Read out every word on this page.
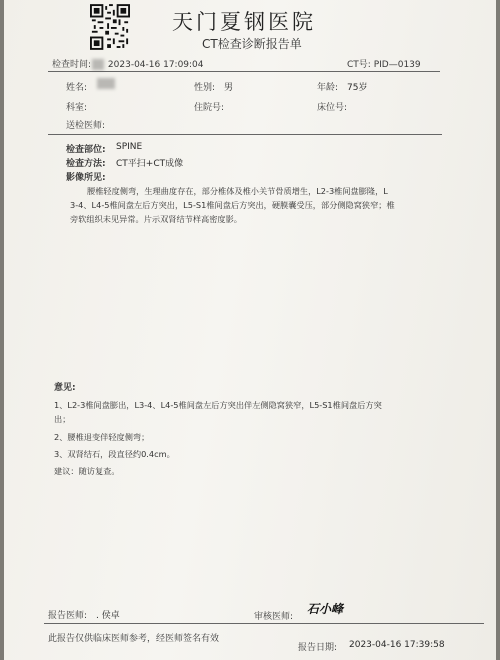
天门夏钢医院
CT检查诊断报告单
检查时间: 2023-04-16 17:09:04	CT号: PID—0139
姓名:	性别: 男	年龄: 75岁
科室:	住院号:	床位号:
送检医师:
检查部位: SPINE
检查方法: CT平扫+CT成像
影像所见:
腰椎轻度侧弯，生理曲度存在，部分椎体及椎小关节骨质增生，L2-3椎间盘膨隆，L
3-4、L4-5椎间盘左后方突出，L5-S1椎间盘后方突出，硬膜囊受压，部分侧隐窝狭窄；椎
旁软组织未见异常。片示双肾结节样高密度影。
意见:
1、L2-3椎间盘膨出，L3-4、L4-5椎间盘左后方突出伴左侧隐窝狭窄，L5-S1椎间盘后方突
出；
2、腰椎退变伴轻度侧弯；
3、双肾结石，段直径约0.4cm。
建议：随访复查。
报告医师: . 侯卓	审核医师:
石小峰
此报告仅供临床医师参考，经医师签名有效
报告日期: 2023-04-16 17:39:58
